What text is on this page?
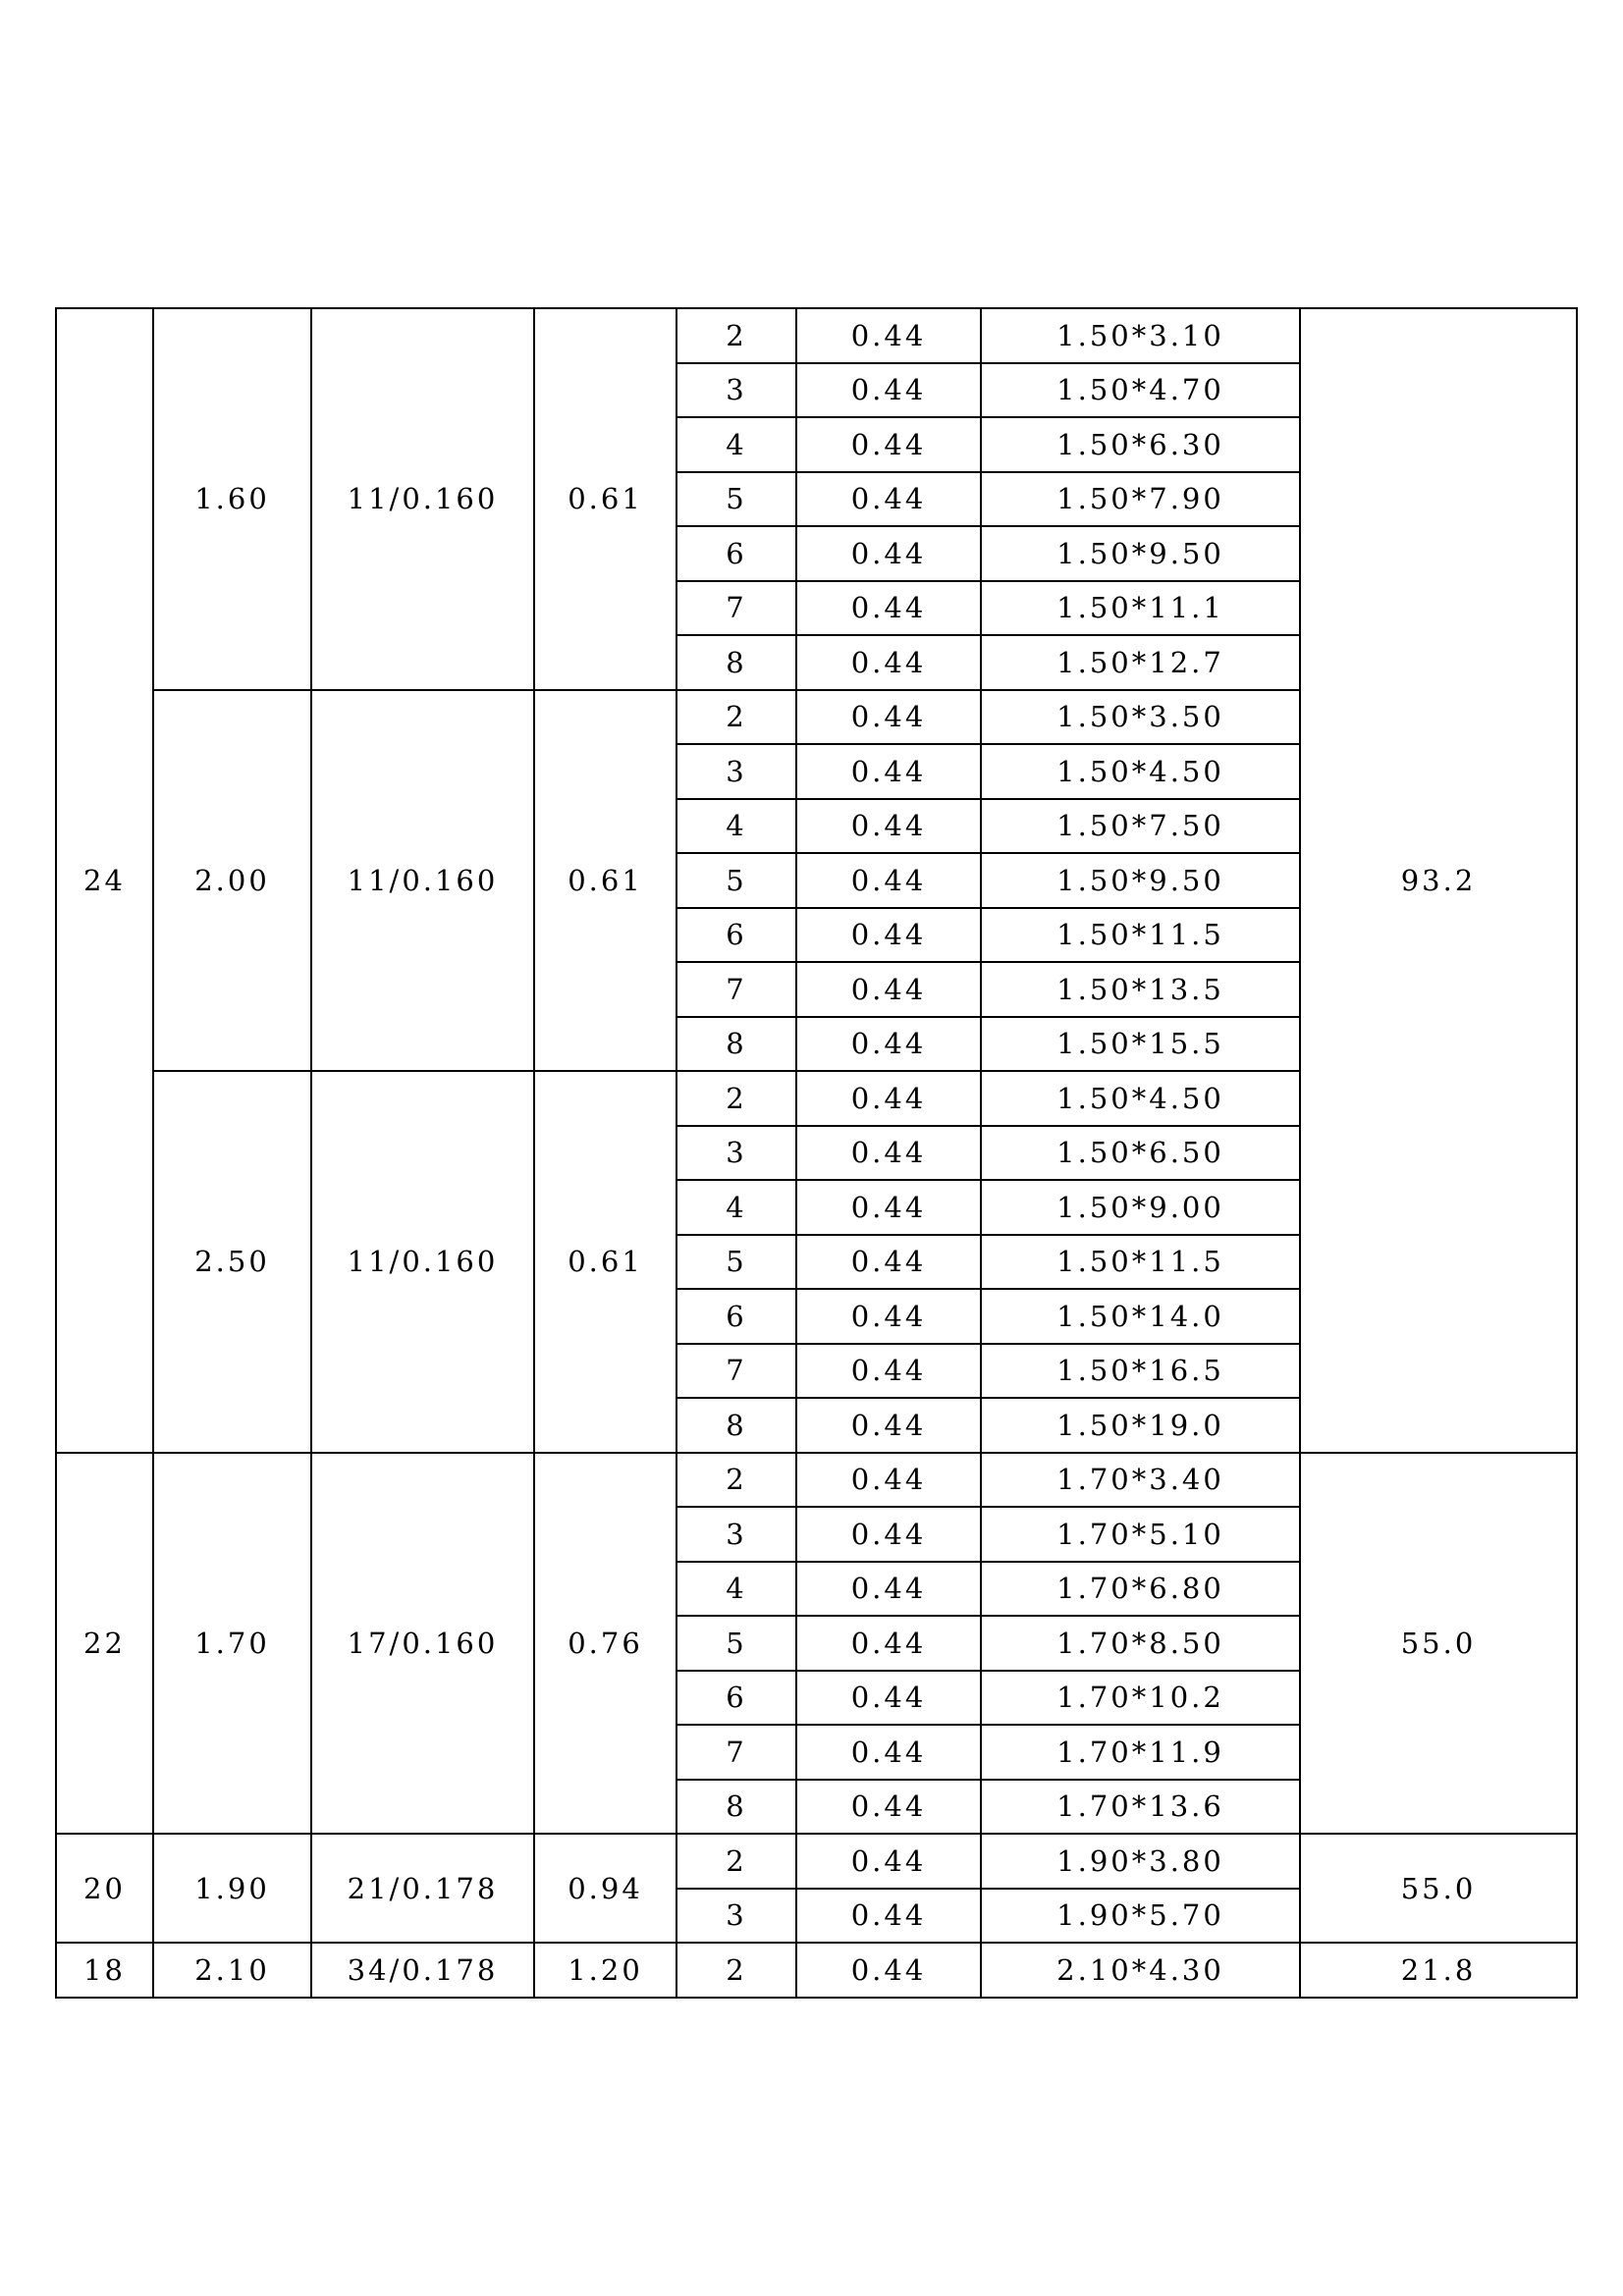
24	1.60	11/0.160	0.61	2	0.44	1.50*3.10	93.2
				3	0.44	1.50*4.70	
				4	0.44	1.50*6.30	
				5	0.44	1.50*7.90	
				6	0.44	1.50*9.50	
				7	0.44	1.50*11.1	
				8	0.44	1.50*12.7	
	2.00	11/0.160	0.61	2	0.44	1.50*3.50	
				3	0.44	1.50*4.50	
				4	0.44	1.50*7.50	
				5	0.44	1.50*9.50	
				6	0.44	1.50*11.5	
				7	0.44	1.50*13.5	
				8	0.44	1.50*15.5	
	2.50	11/0.160	0.61	2	0.44	1.50*4.50	
				3	0.44	1.50*6.50	
				4	0.44	1.50*9.00	
				5	0.44	1.50*11.5	
				6	0.44	1.50*14.0	
				7	0.44	1.50*16.5	
				8	0.44	1.50*19.0	
22	1.70	17/0.160	0.76	2	0.44	1.70*3.40	55.0
				3	0.44	1.70*5.10	
				4	0.44	1.70*6.80	
				5	0.44	1.70*8.50	
				6	0.44	1.70*10.2	
				7	0.44	1.70*11.9	
				8	0.44	1.70*13.6	
20	1.90	21/0.178	0.94	2	0.44	1.90*3.80	55.0
				3	0.44	1.90*5.70	
18	2.10	34/0.178	1.20	2	0.44	2.10*4.30	21.8
